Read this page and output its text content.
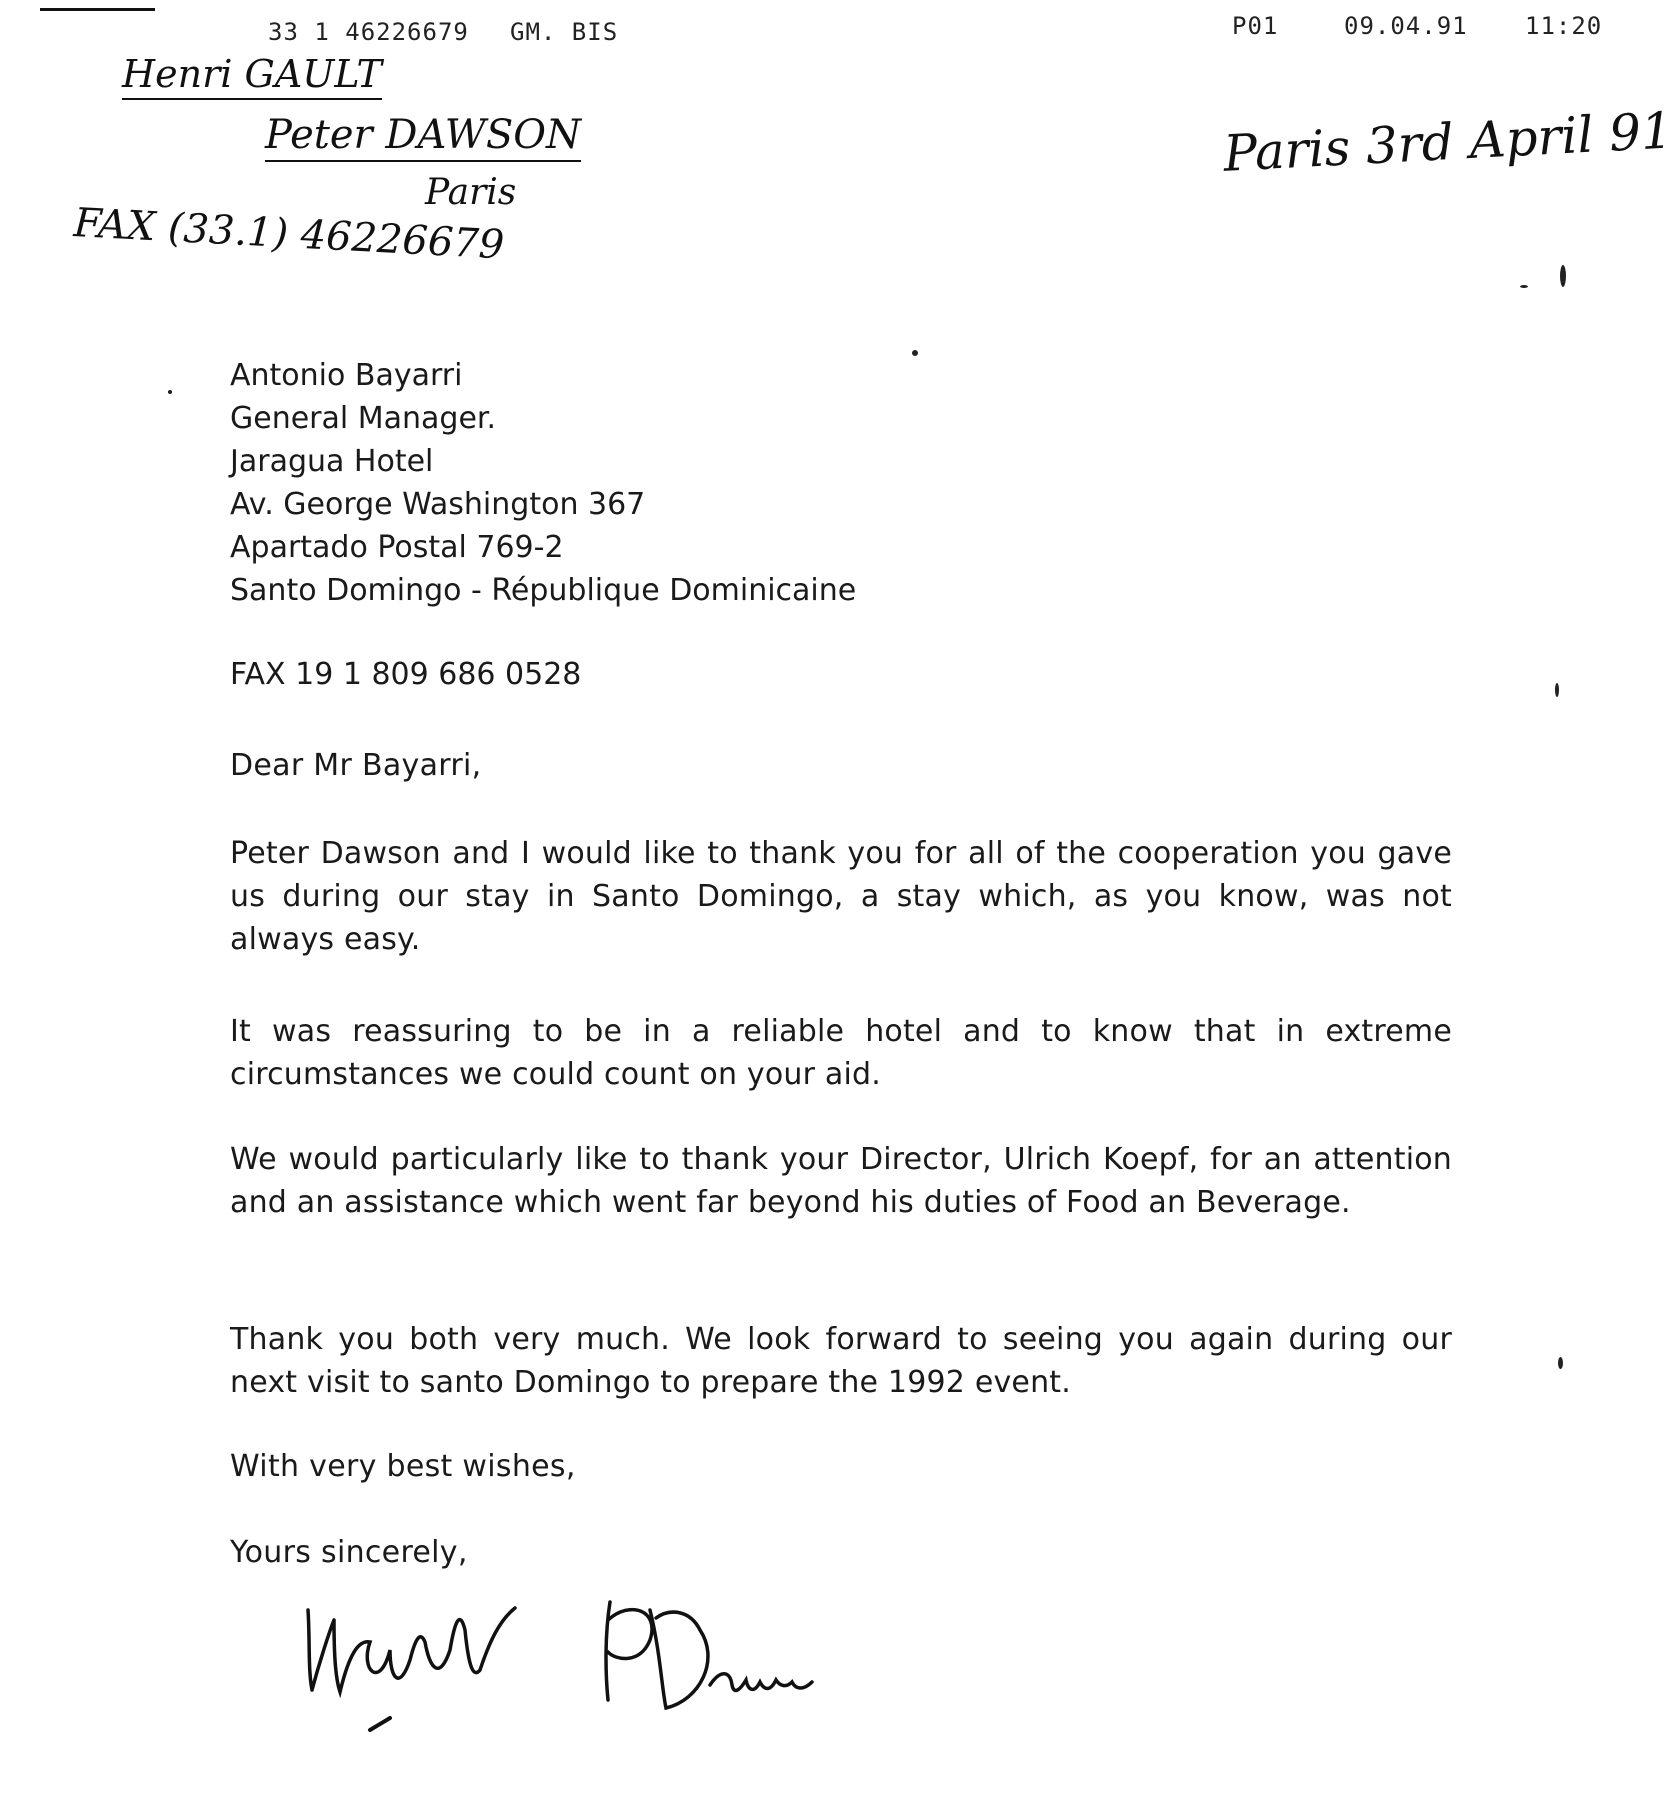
33 1 46226679 GM. BIS	P01	09.04.91 11:20
Henri GAULT
Peter DAWSON
Paris
FAX (33.1) 46226679
Paris 3rd April 91
Antonio Bayarri
General Manager.
Jaragua Hotel
Av. George Washington 367
Apartado Postal 769-2
Santo Domingo - République Dominicaine
FAX 19 1 809 686 0528
Dear Mr Bayarri,
Peter Dawson and I would like to thank you for all of the cooperation you gave us during our stay in Santo Domingo, a stay which, as you know, was not always easy.
It was reassuring to be in a reliable hotel and to know that in extreme circumstances we could count on your aid.
We would particularly like to thank your Director, Ulrich Koepf, for an attention and an assistance which went far beyond his duties of Food an Beverage.
Thank you both very much. We look forward to seeing you again during our next visit to santo Domingo to prepare the 1992 event.
With very best wishes,
Yours sincerely,
HGault
P Dawson
